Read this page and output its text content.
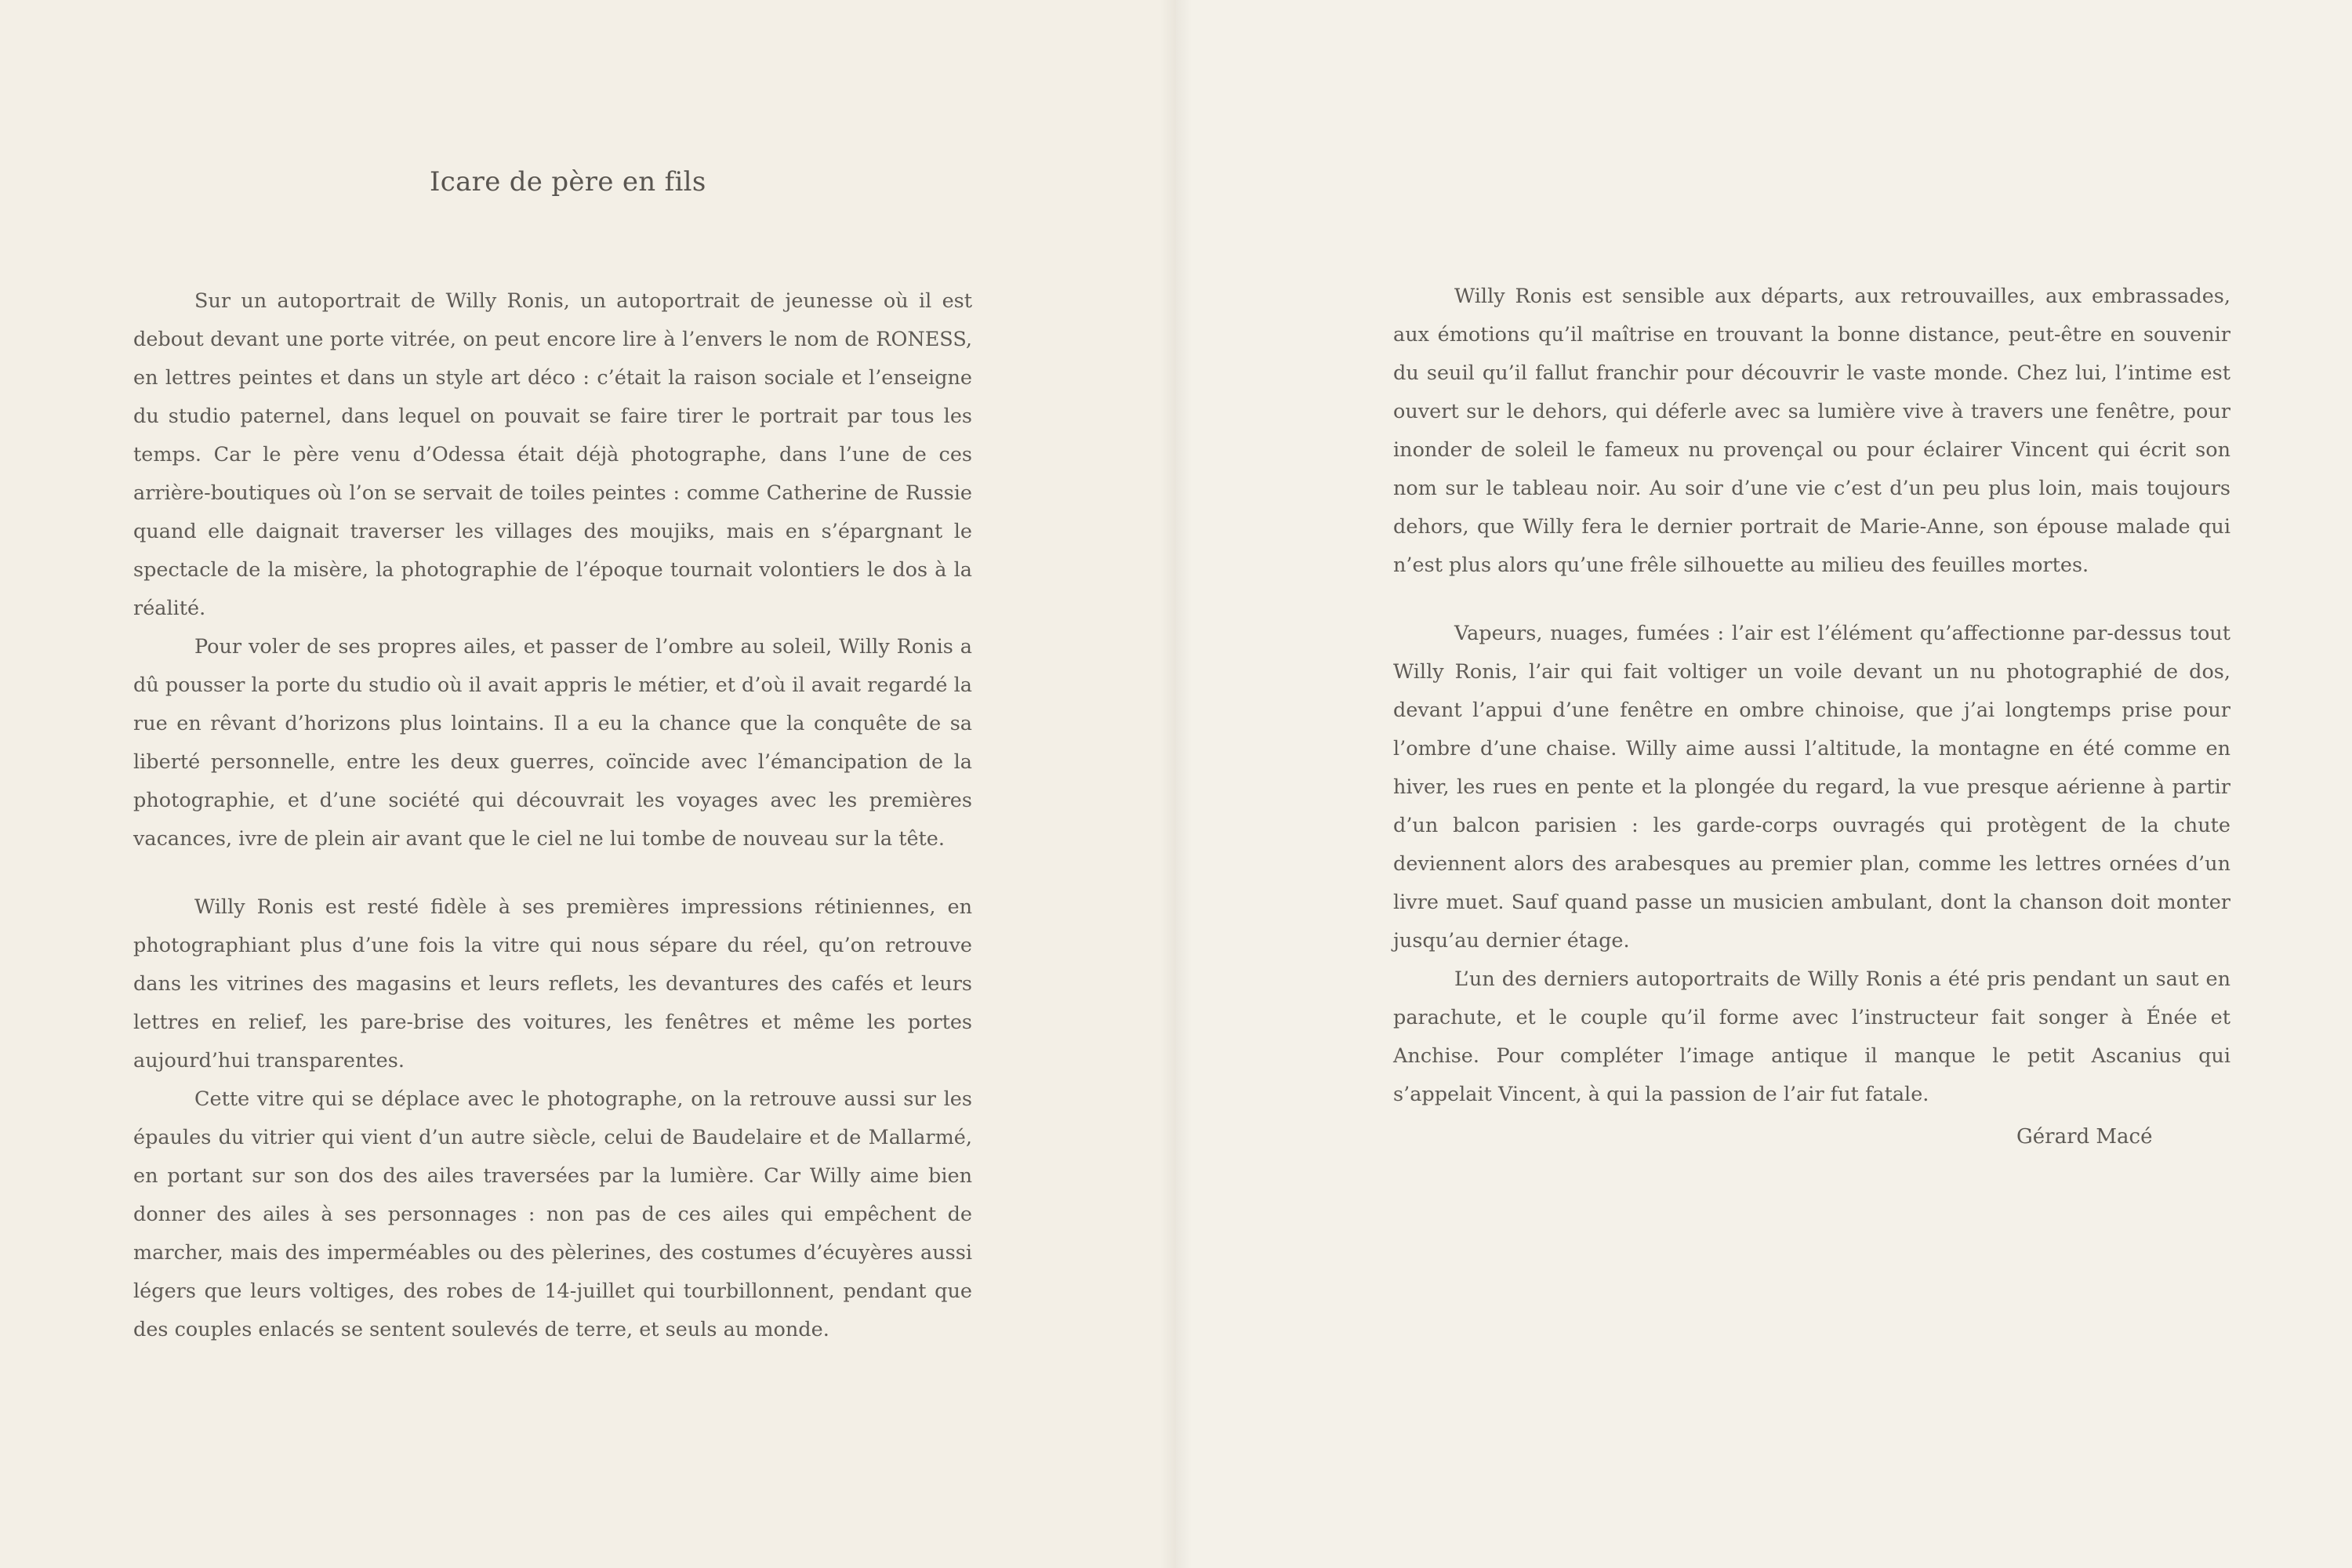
Icare de père en fils

Sur un autoportrait de Willy Ronis, un autoportrait de jeunesse où il est debout devant une porte vitrée, on peut encore lire à l’envers le nom de RONESS, en lettres peintes et dans un style art déco : c’était la raison sociale et l’enseigne du studio paternel, dans lequel on pouvait se faire tirer le portrait par tous les temps. Car le père venu d’Odessa était déjà photographe, dans l’une de ces arrière-boutiques où l’on se servait de toiles peintes : comme Catherine de Russie quand elle daignait traverser les villages des moujiks, mais en s’épargnant le spectacle de la misère, la photographie de l’époque tournait volontiers le dos à la réalité.

Pour voler de ses propres ailes, et passer de l’ombre au soleil, Willy Ronis a dû pousser la porte du studio où il avait appris le métier, et d’où il avait regardé la rue en rêvant d’horizons plus lointains. Il a eu la chance que la conquête de sa liberté personnelle, entre les deux guerres, coïncide avec l’émancipation de la photographie, et d’une société qui découvrait les voyages avec les premières vacances, ivre de plein air avant que le ciel ne lui tombe de nouveau sur la tête.

Willy Ronis est resté fidèle à ses premières impressions rétiniennes, en photographiant plus d’une fois la vitre qui nous sépare du réel, qu’on retrouve dans les vitrines des magasins et leurs reflets, les devantures des cafés et leurs lettres en relief, les pare-brise des voitures, les fenêtres et même les portes aujourd’hui transparentes.

Cette vitre qui se déplace avec le photographe, on la retrouve aussi sur les épaules du vitrier qui vient d’un autre siècle, celui de Baudelaire et de Mallarmé, en portant sur son dos des ailes traversées par la lumière. Car Willy aime bien donner des ailes à ses personnages : non pas de ces ailes qui empêchent de marcher, mais des imperméables ou des pèlerines, des costumes d’écuyères aussi légers que leurs voltiges, des robes de 14-juillet qui tourbillonnent, pendant que des couples enlacés se sentent soulevés de terre, et seuls au monde.

Willy Ronis est sensible aux départs, aux retrouvailles, aux embrassades, aux émotions qu’il maîtrise en trouvant la bonne distance, peut-être en souvenir du seuil qu’il fallut franchir pour découvrir le vaste monde. Chez lui, l’intime est ouvert sur le dehors, qui déferle avec sa lumière vive à travers une fenêtre, pour inonder de soleil le fameux nu provençal ou pour éclairer Vincent qui écrit son nom sur le tableau noir. Au soir d’une vie c’est d’un peu plus loin, mais toujours dehors, que Willy fera le dernier portrait de Marie-Anne, son épouse malade qui n’est plus alors qu’une frêle silhouette au milieu des feuilles mortes.

Vapeurs, nuages, fumées : l’air est l’élément qu’affectionne par-dessus tout Willy Ronis, l’air qui fait voltiger un voile devant un nu photographié de dos, devant l’appui d’une fenêtre en ombre chinoise, que j’ai longtemps prise pour l’ombre d’une chaise. Willy aime aussi l’altitude, la montagne en été comme en hiver, les rues en pente et la plongée du regard, la vue presque aérienne à partir d’un balcon parisien : les garde-corps ouvragés qui protègent de la chute deviennent alors des arabesques au premier plan, comme les lettres ornées d’un livre muet. Sauf quand passe un musicien ambulant, dont la chanson doit monter jusqu’au dernier étage.

L’un des derniers autoportraits de Willy Ronis a été pris pendant un saut en parachute, et le couple qu’il forme avec l’instructeur fait songer à Énée et Anchise. Pour compléter l’image antique il manque le petit Ascanius qui s’appelait Vincent, à qui la passion de l’air fut fatale.

Gérard Macé
